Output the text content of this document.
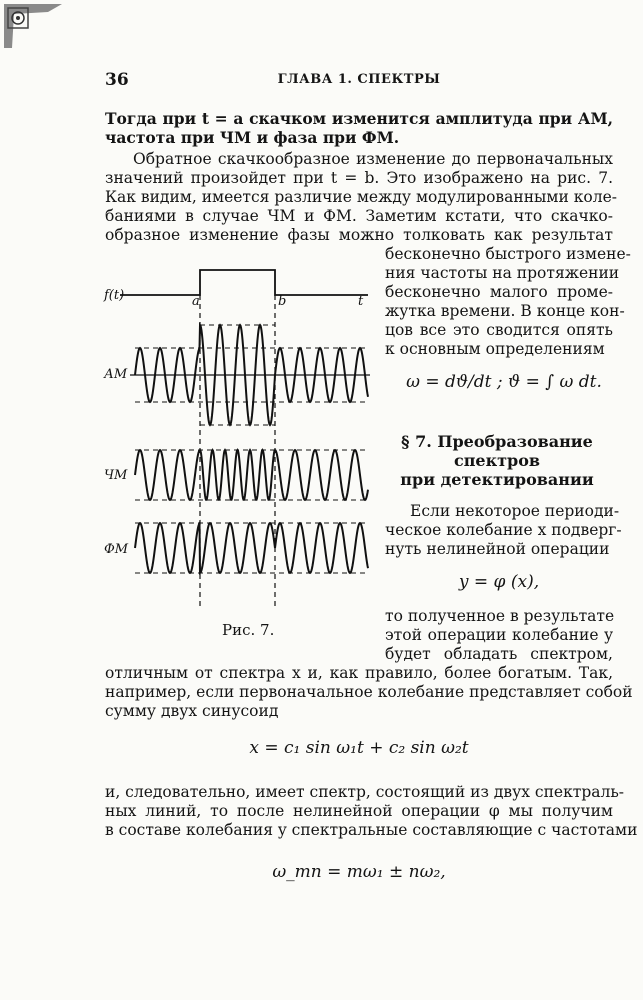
36	ГЛАВА 1. СПЕКТРЫ
Тогда при t = a скачком изменится амплитуда при АМ,
частота при ЧМ и фаза при ФМ.
Обратное скачкообразное изменение до первоначальных
значений произойдет при t = b. Это изображено на рис. 7.
Как видим, имеется различие между модулированными коле-
баниями в случае ЧМ и ФМ. Заметим кстати, что скачко-
образное изменение фазы можно толковать как результат
бесконечно быстрого измене-
ния частоты на протяжении
бесконечно малого проме-
жутка времени. В конце кон-
цов все это сводится опять
к основным определениям
ω = dϑ/dt ; ϑ = ∫ ω dt.
§ 7. Преобразование
спектров
при детектировании
Если некоторое периоди-
ческое колебание x подверг-
нуть нелинейной операции
y = φ (x),
то полученное в результате
этой операции колебание y
будет обладать спектром,
отличным от спектра x и, как правило, более богатым. Так,
например, если первоначальное колебание представляет собой
сумму двух синусоид
x = c₁ sin ω₁t + c₂ sin ω₂t
и, следовательно, имеет спектр, состоящий из двух спектраль-
ных линий, то после нелинейной операции φ мы получим
в составе колебания y спектральные составляющие с частотами
ω_mn = mω₁ ± nω₂,
f(t)	a	b	t
АМ
ЧМ
ФМ
Рис. 7.
